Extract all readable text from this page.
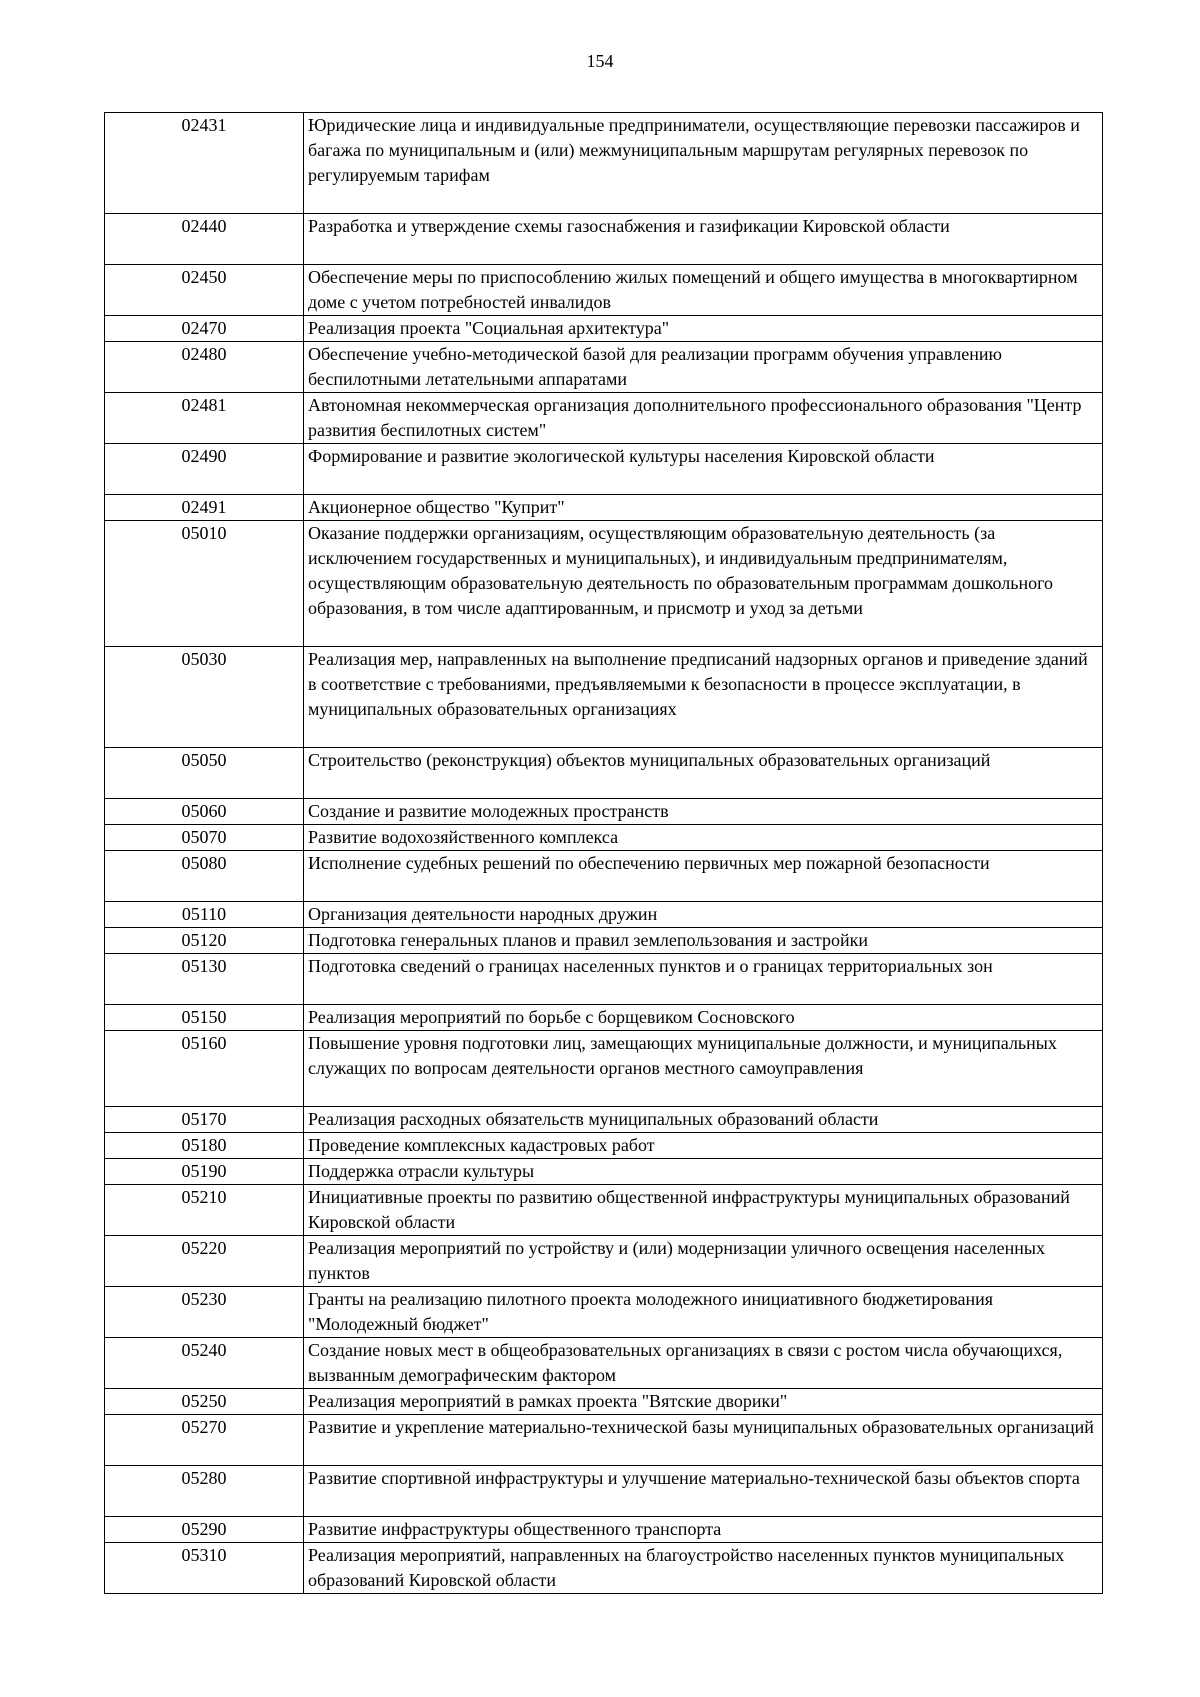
154
02431	Юридические лица и индивидуальные предприниматели, осуществляющие перевозки пассажиров и багажа по муниципальным и (или) межмуниципальным маршрутам регулярных перевозок по регулируемым тарифам
02440	Разработка и утверждение схемы газоснабжения и газификации Кировской области
02450	Обеспечение меры по приспособлению жилых помещений и общего имущества в многоквартирном доме с учетом потребностей инвалидов
02470	Реализация проекта "Социальная архитектура"
02480	Обеспечение учебно-методической базой для реализации программ обучения управлению беспилотными летательными аппаратами
02481	Автономная некоммерческая организация дополнительного профессионального образования "Центр развития беспилотных систем"
02490	Формирование и развитие экологической культуры населения Кировской области
02491	Акционерное общество "Куприт"
05010	Оказание поддержки организациям, осуществляющим образовательную деятельность (за исключением государственных и муниципальных), и индивидуальным предпринимателям, осуществляющим образовательную деятельность по образовательным программам дошкольного образования, в том числе адаптированным, и присмотр и уход за детьми
05030	Реализация мер, направленных на выполнение предписаний надзорных органов и приведение зданий в соответствие с требованиями, предъявляемыми к безопасности в процессе эксплуатации, в муниципальных образовательных организациях
05050	Строительство (реконструкция) объектов муниципальных образовательных организаций
05060	Создание и развитие молодежных пространств
05070	Развитие водохозяйственного комплекса
05080	Исполнение судебных решений по обеспечению первичных мер пожарной безопасности
05110	Организация деятельности народных дружин
05120	Подготовка генеральных планов и правил землепользования и застройки
05130	Подготовка сведений о границах населенных пунктов и о границах территориальных зон
05150	Реализация мероприятий по борьбе с борщевиком Сосновского
05160	Повышение уровня подготовки лиц, замещающих муниципальные должности, и муниципальных служащих по вопросам деятельности органов местного самоуправления
05170	Реализация расходных обязательств муниципальных образований области
05180	Проведение комплексных кадастровых работ
05190	Поддержка отрасли культуры
05210	Инициативные проекты по развитию общественной инфраструктуры муниципальных образований Кировской области
05220	Реализация мероприятий по устройству и (или) модернизации уличного освещения населенных пунктов
05230	Гранты на реализацию пилотного проекта молодежного инициативного бюджетирования "Молодежный бюджет"
05240	Создание новых мест в общеобразовательных организациях в связи с ростом числа обучающихся, вызванным демографическим фактором
05250	Реализация мероприятий в рамках проекта "Вятские дворики"
05270	Развитие и укрепление материально-технической базы муниципальных образовательных организаций
05280	Развитие спортивной инфраструктуры и улучшение материально-технической базы объектов спорта
05290	Развитие инфраструктуры общественного транспорта
05310	Реализация мероприятий, направленных на благоустройство населенных пунктов муниципальных образований Кировской области
